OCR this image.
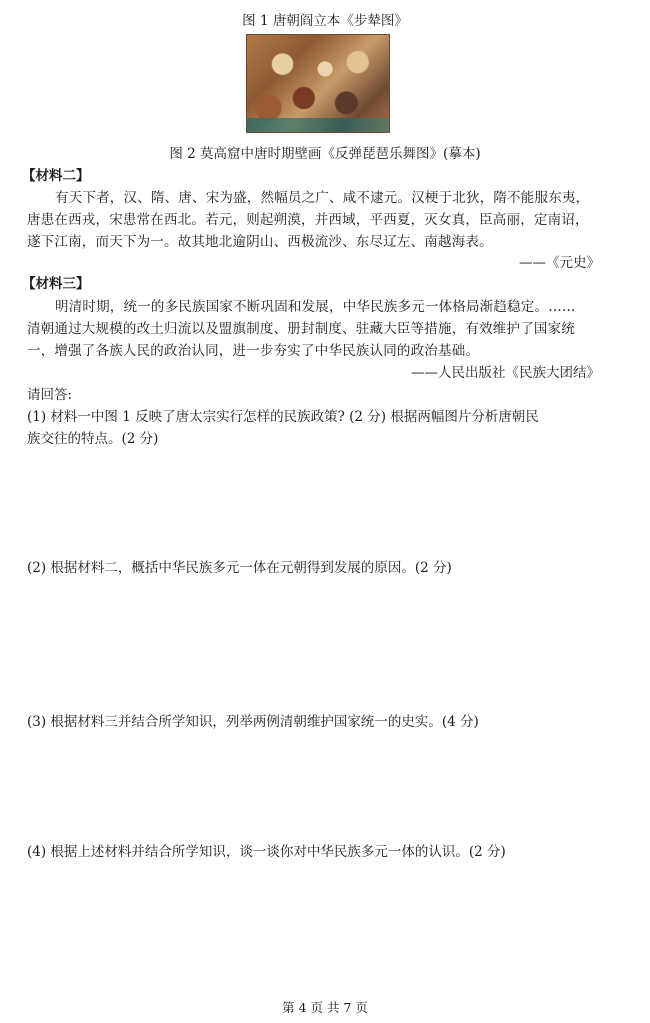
图 1 唐朝阎立本《步辇图》
图 2 莫高窟中唐时期壁画《反弹琵琶乐舞图》(摹本)
【材料二】
有天下者，汉、隋、唐、宋为盛，然幅员之广、咸不逮元。汉梗于北狄，隋不能服东夷，
唐患在西戎，宋患常在西北。若元，则起朔漠，并西域，平西夏，灭女真，臣高丽，定南诏，
遂下江南，而天下为一。故其地北逾阴山、西极流沙、东尽辽左、南越海表。
——《元史》
【材料三】
明清时期，统一的多民族国家不断巩固和发展，中华民族多元一体格局渐趋稳定。……
清朝通过大规模的改土归流以及盟旗制度、册封制度、驻藏大臣等措施，有效维护了国家统
一，增强了各族人民的政治认同，进一步夯实了中华民族认同的政治基础。
——人民出版社《民族大团结》
请回答:
(1) 材料一中图 1 反映了唐太宗实行怎样的民族政策? (2 分) 根据两幅图片分析唐朝民
族交往的特点。(2 分)
(2) 根据材料二，概括中华民族多元一体在元朝得到发展的原因。(2 分)
(3) 根据材料三并结合所学知识，列举两例清朝维护国家统一的史实。(4 分)
(4) 根据上述材料并结合所学知识，谈一谈你对中华民族多元一体的认识。(2 分)
第 4 页 共 7 页
